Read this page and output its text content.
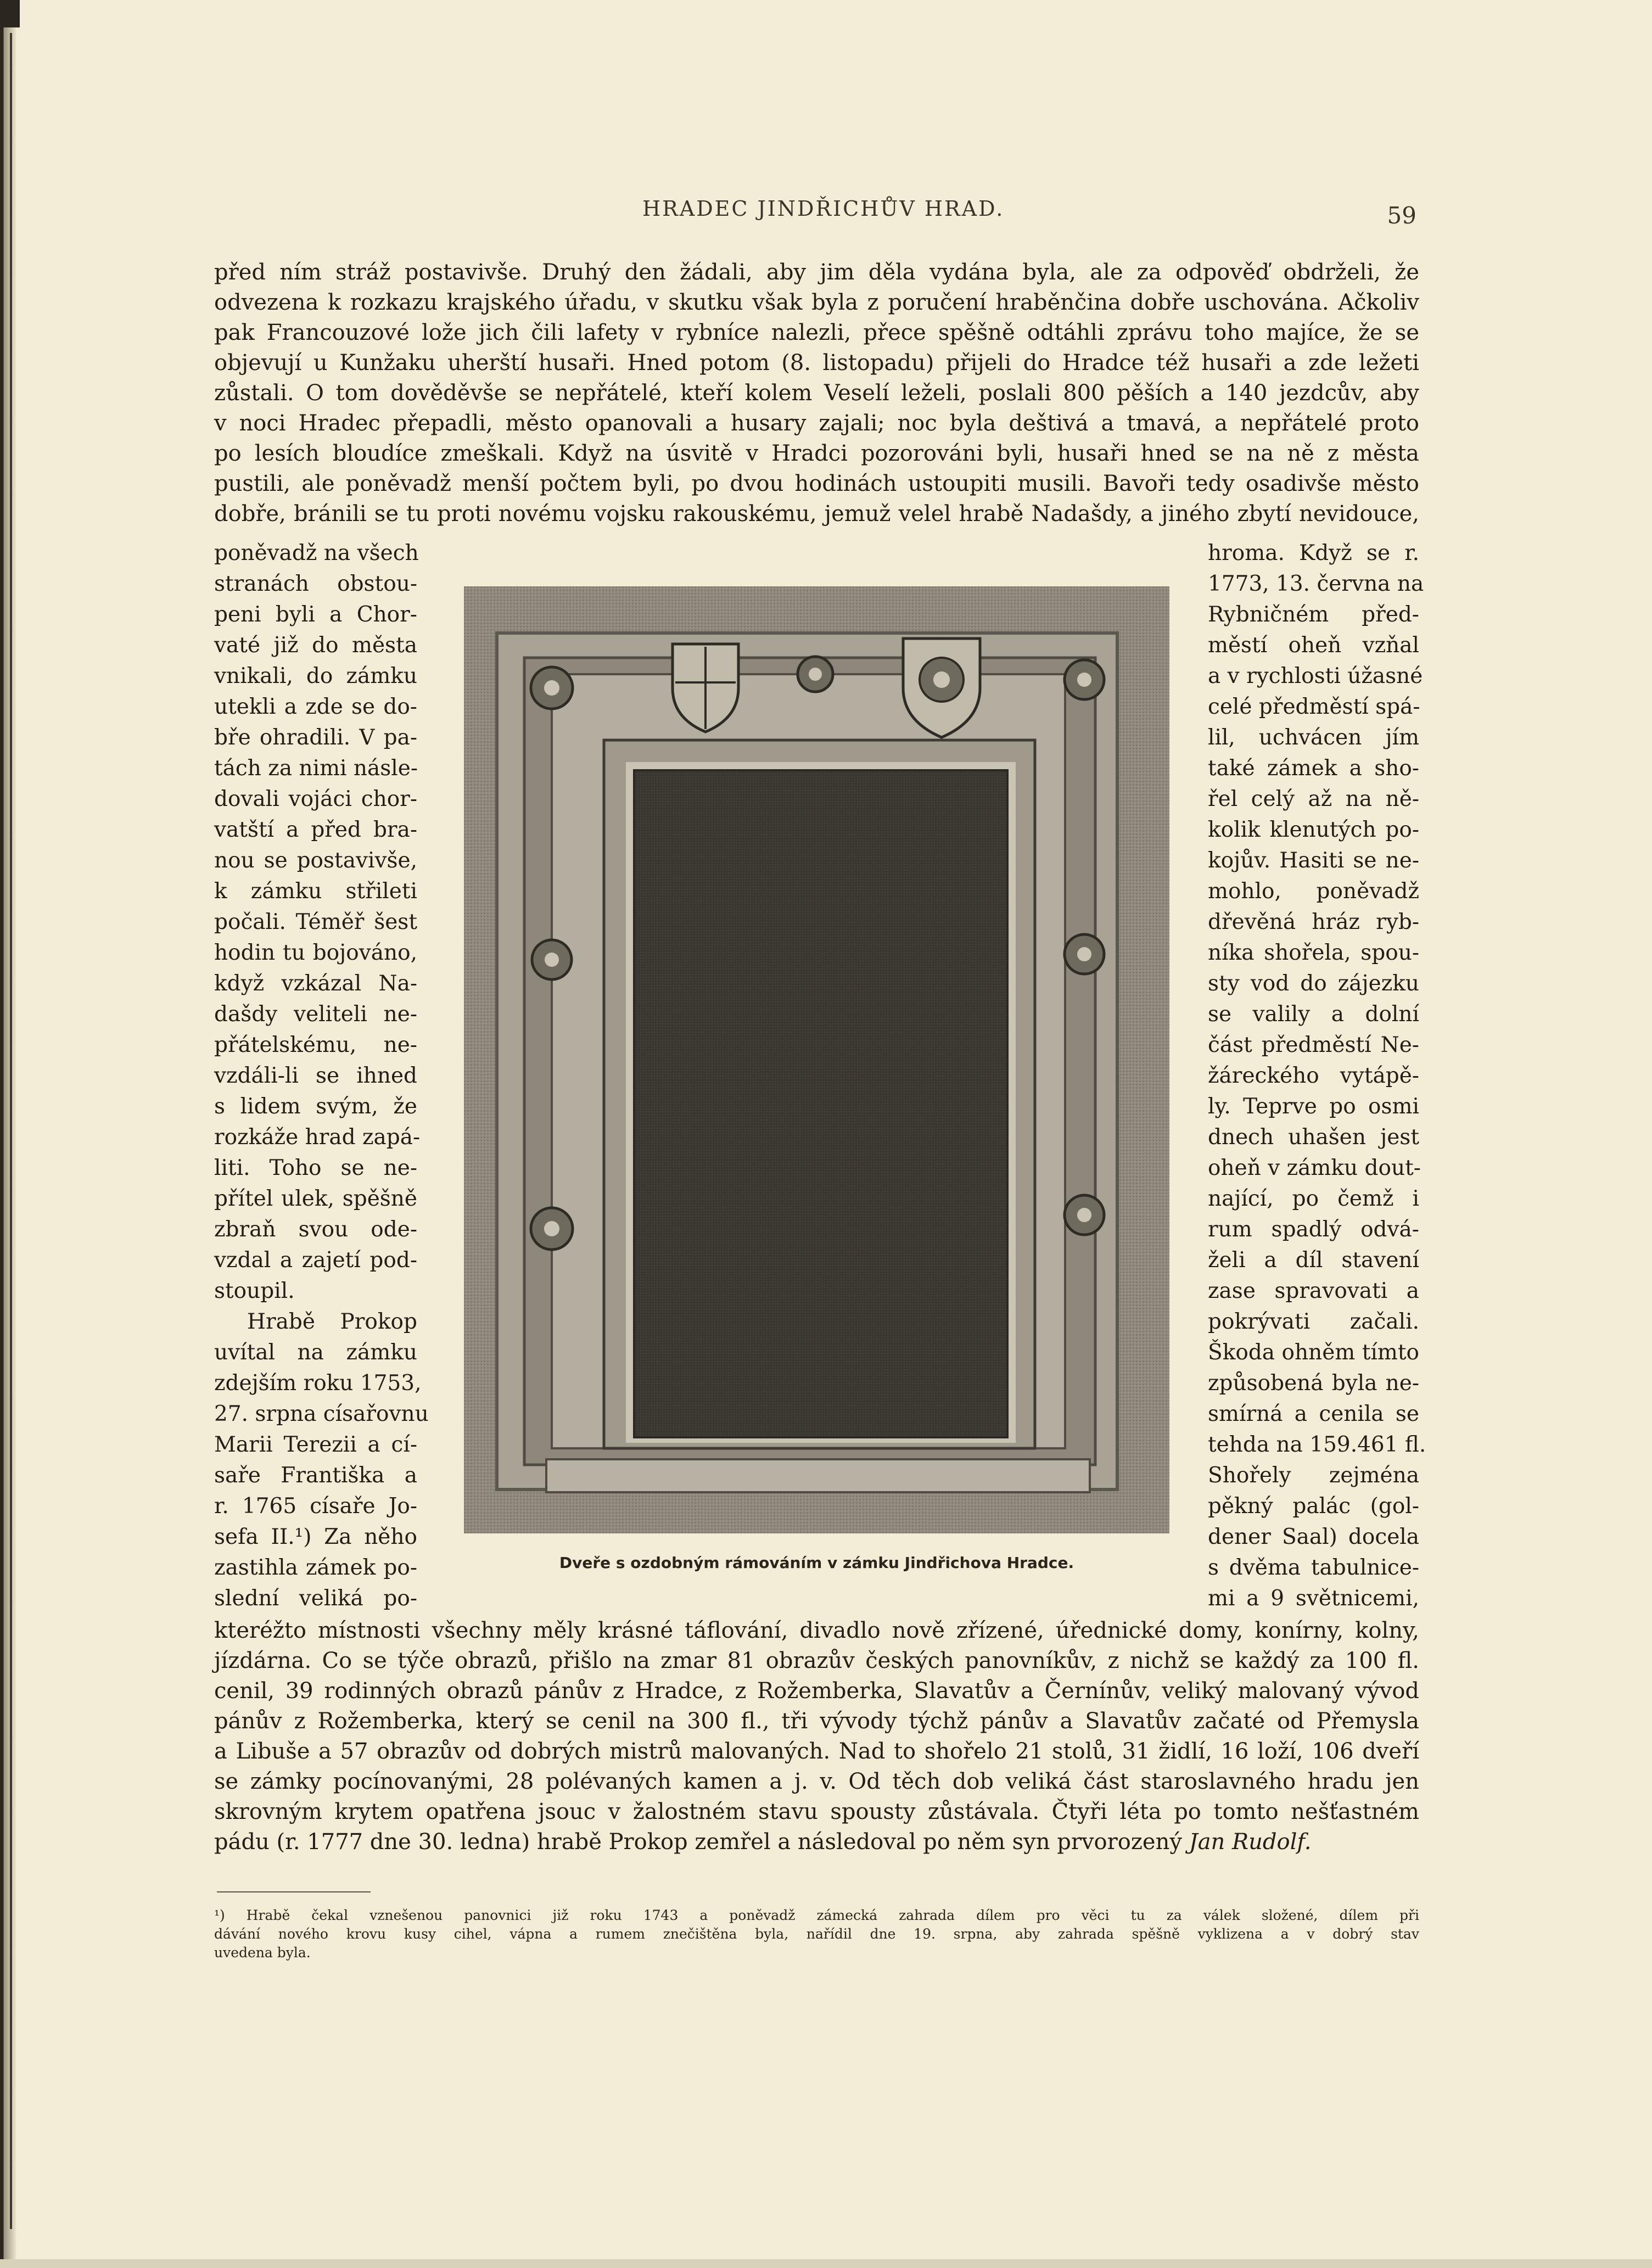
HRADEC JINDŘICHŮV HRAD.	59
před ním stráž postavivše. Druhý den žádali, aby jim děla vydána byla, ale za odpověď obdrželi, že
odvezena k rozkazu krajského úřadu, v skutku však byla z poručení hraběnčina dobře uschována. Ačkoliv
pak Francouzové lože jich čili lafety v rybníce nalezli, přece spěšně odtáhli zprávu toho majíce, že se
objevují u Kunžaku uherští husaři. Hned potom (8. listopadu) přijeli do Hradce též husaři a zde ležeti
zůstali. O tom dověděvše se nepřátelé, kteří kolem Veselí leželi, poslali 800 pěších a 140 jezdcův, aby
v noci Hradec přepadli, město opanovali a husary zajali; noc byla deštivá a tmavá, a nepřátelé proto
po lesích bloudíce zmeškali. Když na úsvitě v Hradci pozorováni byli, husaři hned se na ně z města
pustili, ale poněvadž menší počtem byli, po dvou hodinách ustoupiti musili. Bavoři tedy osadivše město
dobře, bránili se tu proti novému vojsku rakouskému, jemuž velel hrabě Nadašdy, a jiného zbytí nevidouce,
poněvadž na všech
stranách obstou-
peni byli a Chor-
vaté již do města
vnikali, do zámku
utekli a zde se do-
bře ohradili. V pa-
tách za nimi násle-
dovali vojáci chor-
vatští a před bra-
nou se postavivše,
k zámku střileti
počali. Téměř šest
hodin tu bojováno,
když vzkázal Na-
dašdy veliteli ne-
přátelskému, ne-
vzdáli-li se ihned
s lidem svým, že
rozkáže hrad zapá-
liti. Toho se ne-
přítel ulek, spěšně
zbraň svou ode-
vzdal a zajetí pod-
stoupil.
Hrabě Prokop
uvítal na zámku
zdejším roku 1753,
27. srpna císařovnu
Marii Terezii a cí-
saře Františka a
r. 1765 císaře Jo-
sefa II.¹) Za něho
zastihla zámek po-
slední veliká po-
hroma. Když se r.
1773, 13. června na
Rybničném před-
městí oheň vzňal
a v rychlosti úžasné
celé předměstí spá-
lil, uchvácen jím
také zámek a sho-
řel celý až na ně-
kolik klenutých po-
kojův. Hasiti se ne-
mohlo, poněvadž
dřevěná hráz ryb-
níka shořela, spou-
sty vod do zájezku
se valily a dolní
část předměstí Ne-
žáreckého vytápě-
ly. Teprve po osmi
dnech uhašen jest
oheň v zámku dout-
nající, po čemž i
rum spadlý odvá-
želi a díl stavení
zase spravovati a
pokrývati začali.
Škoda ohněm tímto
způsobená byla ne-
smírná a cenila se
tehda na 159.461 fl.
Shořely zejména
pěkný palác (gol-
dener Saal) docela
s dvěma tabulnice-
mi a 9 světnicemi,
Dveře s ozdobným rámováním v zámku Jindřichova Hradce.
kteréžto místnosti všechny měly krásné táflování, divadlo nově zřízené, úřednické domy, konírny, kolny,
jízdárna. Co se týče obrazů, přišlo na zmar 81 obrazův českých panovníkův, z nichž se každý za 100 fl.
cenil, 39 rodinných obrazů pánův z Hradce, z Rožemberka, Slavatův a Černínův, veliký malovaný vývod
pánův z Rožemberka, který se cenil na 300 fl., tři vývody týchž pánův a Slavatův začaté od Přemysla
a Libuše a 57 obrazův od dobrých mistrů malovaných. Nad to shořelo 21 stolů, 31 židlí, 16 loží, 106 dveří
se zámky pocínovanými, 28 polévaných kamen a j. v. Od těch dob veliká část staroslavného hradu jen
skrovným krytem opatřena jsouc v žalostném stavu spousty zůstávala. Čtyři léta po tomto nešťastném
pádu (r. 1777 dne 30. ledna) hrabě Prokop zemřel a následoval po něm syn prvorozený Jan Rudolf.
¹) Hrabě čekal vznešenou panovnici již roku 1743 a poněvadž zámecká zahrada dílem pro věci tu za válek složené, dílem při
dávání nového krovu kusy cihel, vápna a rumem znečištěna byla, nařídil dne 19. srpna, aby zahrada spěšně vyklizena a v dobrý stav
uvedena byla.
